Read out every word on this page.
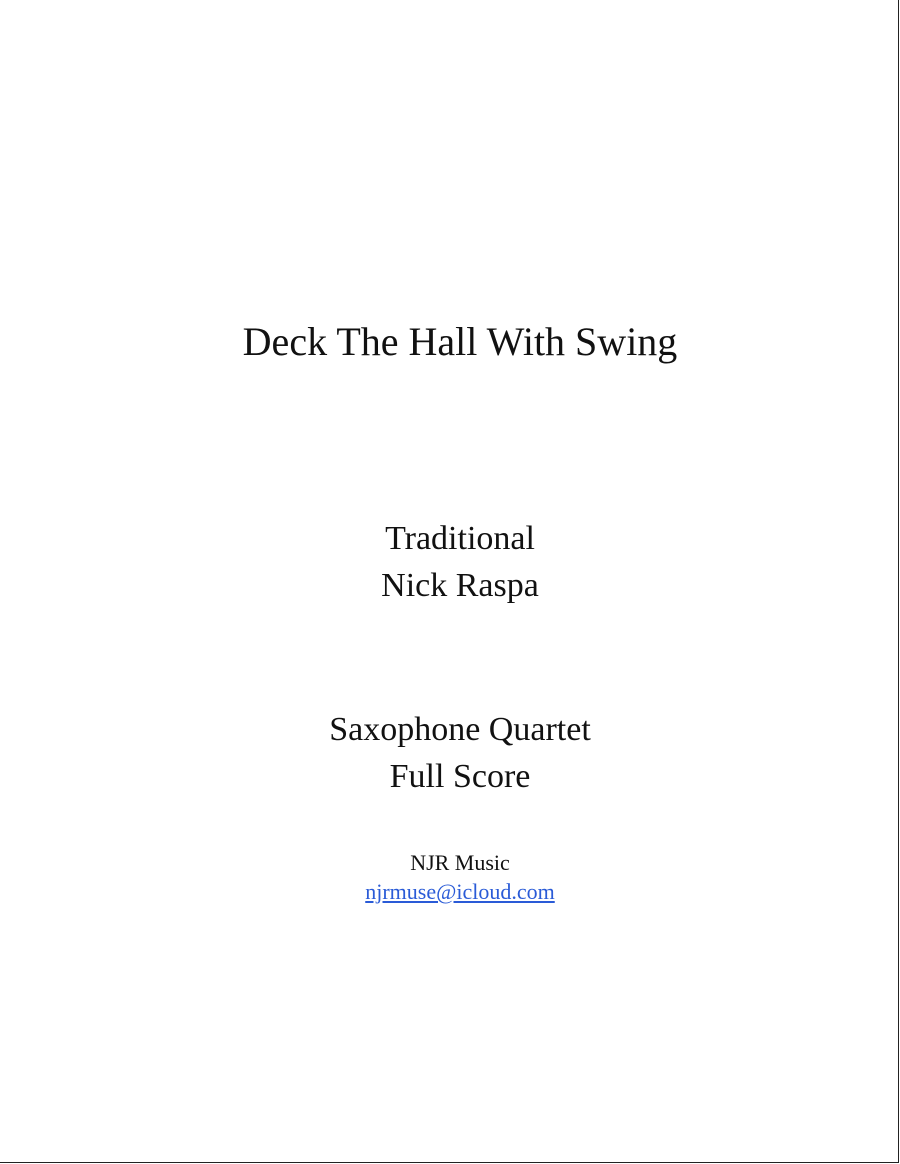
Deck The Hall With Swing
Traditional
Nick Raspa
Saxophone Quartet
Full Score
NJR Music
njrmuse@icloud.com
